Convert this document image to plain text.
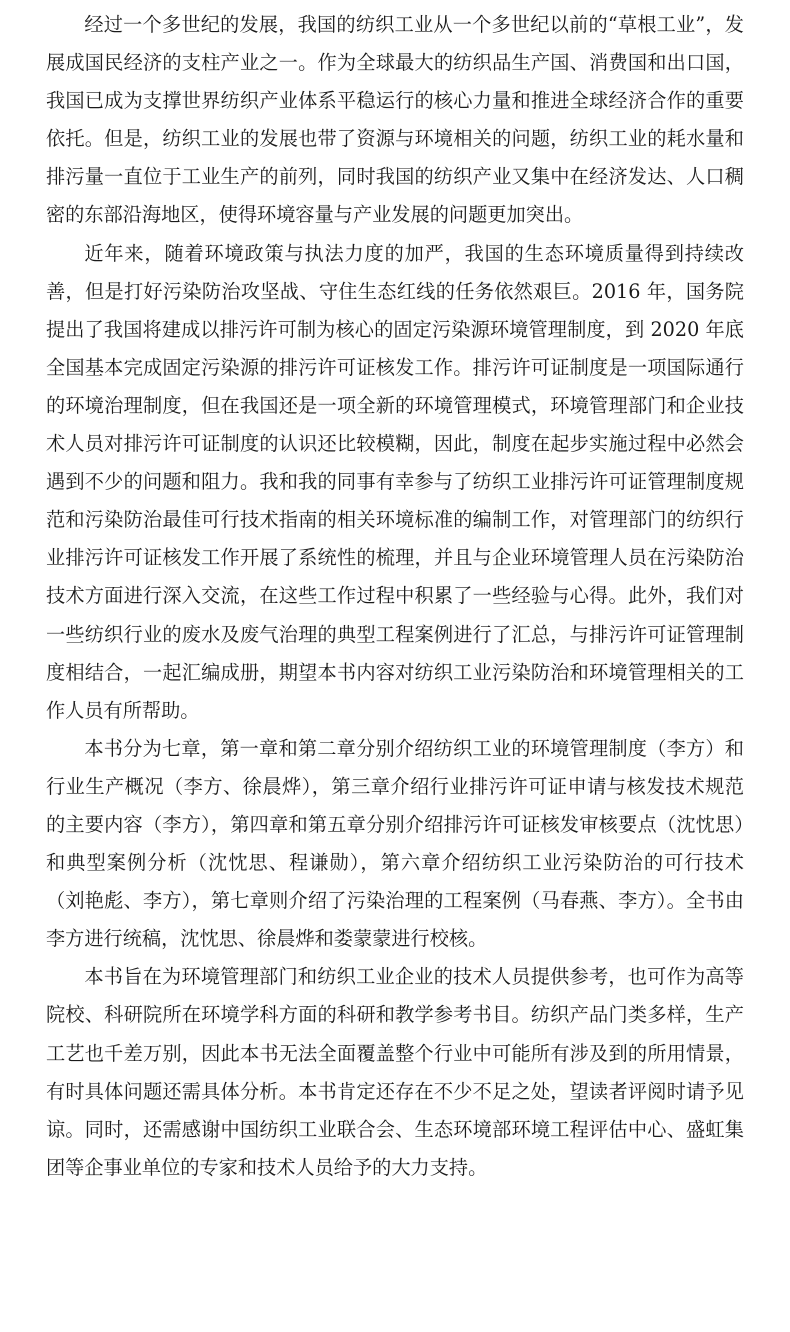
经过一个多世纪的发展，我国的纺织工业从一个多世纪以前的“草根工业”，发展成国民经济的支柱产业之一。作为全球最大的纺织品生产国、消费国和出口国，我国已成为支撑世界纺织产业体系平稳运行的核心力量和推进全球经济合作的重要依托。但是，纺织工业的发展也带了资源与环境相关的问题，纺织工业的耗水量和排污量一直位于工业生产的前列，同时我国的纺织产业又集中在经济发达、人口稠密的东部沿海地区，使得环境容量与产业发展的问题更加突出。

近年来，随着环境政策与执法力度的加严，我国的生态环境质量得到持续改善，但是打好污染防治攻坚战、守住生态红线的任务依然艰巨。2016 年，国务院提出了我国将建成以排污许可制为核心的固定污染源环境管理制度，到 2020 年底全国基本完成固定污染源的排污许可证核发工作。排污许可证制度是一项国际通行的环境治理制度，但在我国还是一项全新的环境管理模式，环境管理部门和企业技术人员对排污许可证制度的认识还比较模糊，因此，制度在起步实施过程中必然会遇到不少的问题和阻力。我和我的同事有幸参与了纺织工业排污许可证管理制度规范和污染防治最佳可行技术指南的相关环境标准的编制工作，对管理部门的纺织行业排污许可证核发工作开展了系统性的梳理，并且与企业环境管理人员在污染防治技术方面进行深入交流，在这些工作过程中积累了一些经验与心得。此外，我们对一些纺织行业的废水及废气治理的典型工程案例进行了汇总，与排污许可证管理制度相结合，一起汇编成册，期望本书内容对纺织工业污染防治和环境管理相关的工作人员有所帮助。

本书分为七章，第一章和第二章分别介绍纺织工业的环境管理制度（李方）和行业生产概况（李方、徐晨烨），第三章介绍行业排污许可证申请与核发技术规范的主要内容（李方），第四章和第五章分别介绍排污许可证核发审核要点（沈忱思）和典型案例分析（沈忱思、程谦勋），第六章介绍纺织工业污染防治的可行技术（刘艳彪、李方），第七章则介绍了污染治理的工程案例（马春燕、李方）。全书由李方进行统稿，沈忱思、徐晨烨和娄蒙蒙进行校核。

本书旨在为环境管理部门和纺织工业企业的技术人员提供参考，也可作为高等院校、科研院所在环境学科方面的科研和教学参考书目。纺织产品门类多样，生产工艺也千差万别，因此本书无法全面覆盖整个行业中可能所有涉及到的所用情景，有时具体问题还需具体分析。本书肯定还存在不少不足之处，望读者评阅时请予见谅。同时，还需感谢中国纺织工业联合会、生态环境部环境工程评估中心、盛虹集团等企事业单位的专家和技术人员给予的大力支持。
